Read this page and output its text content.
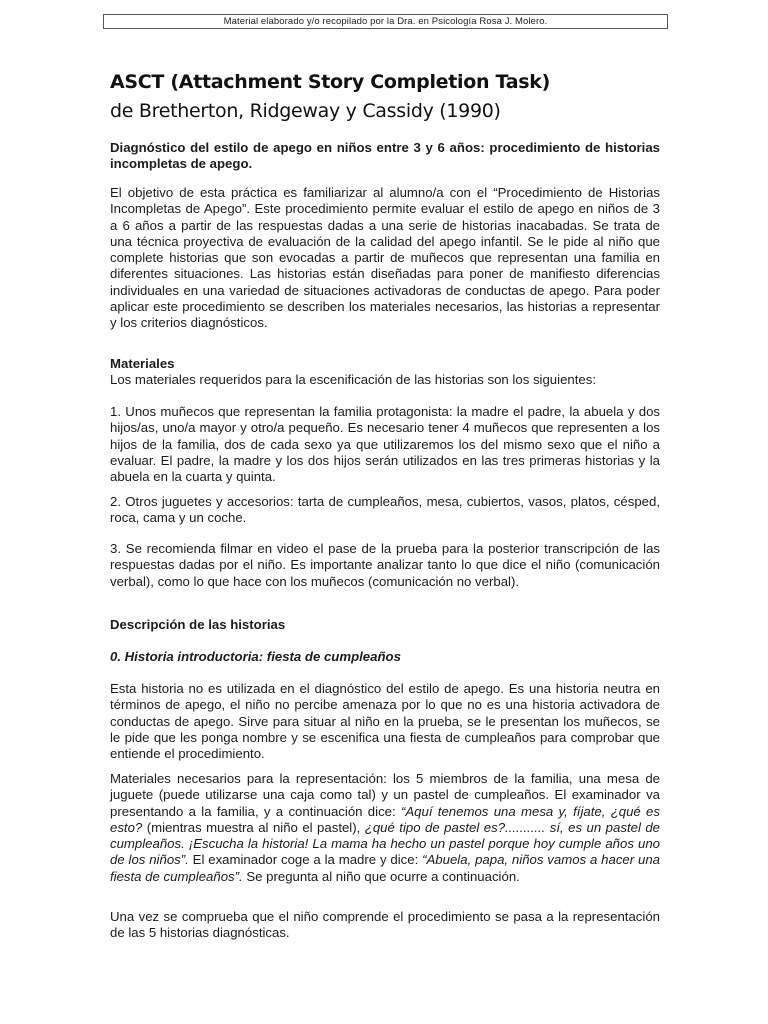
Material elaborado y/o recopilado por la Dra. en Psicología Rosa J. Molero.
ASCT (Attachment Story Completion Task)
de Bretherton, Ridgeway y Cassidy (1990)
Diagnóstico del estilo de apego en niños entre 3 y 6 años: procedimiento de historias incompletas de apego.
El objetivo de esta práctica es familiarizar al alumno/a con el “Procedimiento de Historias Incompletas de Apego”. Este procedimiento permite evaluar el estilo de apego en niños de 3 a 6 años a partir de las respuestas dadas a una serie de historias inacabadas. Se trata de una técnica proyectiva de evaluación de la calidad del apego infantil. Se le pide al niño que complete historias que son evocadas a partir de muñecos que representan una familia en diferentes situaciones. Las historias están diseñadas para poner de manifiesto diferencias individuales en una variedad de situaciones activadoras de conductas de apego. Para poder aplicar este procedimiento se describen los materiales necesarios, las historias a representar y los criterios diagnósticos.
Materiales
Los materiales requeridos para la escenificación de las historias son los siguientes:
1. Unos muñecos que representan la familia protagonista: la madre el padre, la abuela y dos hijos/as, uno/a mayor y otro/a pequeño. Es necesario tener 4 muñecos que representen a los hijos de la familia, dos de cada sexo ya que utilizaremos los del mismo sexo que el niño a evaluar. El padre, la madre y los dos hijos serán utilizados en las tres primeras historias y la abuela en la cuarta y quinta.
2. Otros juguetes y accesorios: tarta de cumpleaños, mesa, cubiertos, vasos, platos, césped, roca, cama y un coche.
3. Se recomienda filmar en video el pase de la prueba para la posterior transcripción de las respuestas dadas por el niño. Es importante analizar tanto lo que dice el niño (comunicación verbal), como lo que hace con los muñecos (comunicación no verbal).
Descripción de las historias
0. Historia introductoria: fiesta de cumpleaños
Esta historia no es utilizada en el diagnóstico del estilo de apego. Es una historia neutra en términos de apego, el niño no percibe amenaza por lo que no es una historia activadora de conductas de apego. Sirve para situar al niño en la prueba, se le presentan los muñecos, se le pide que les ponga nombre y se escenifica una fiesta de cumpleaños para comprobar que entiende el procedimiento.
Materiales necesarios para la representación: los 5 miembros de la familia, una mesa de juguete (puede utilizarse una caja como tal) y un pastel de cumpleaños. El examinador va presentando a la familia, y a continuación dice: “Aquí tenemos una mesa y, fíjate, ¿qué es esto? (mientras muestra al niño el pastel), ¿qué tipo de pastel es?........... sí, es un pastel de cumpleaños. ¡Escucha la historia! La mama ha hecho un pastel porque hoy cumple años uno de los niños”. El examinador coge a la madre y dice: “Abuela, papa, niños vamos a hacer una fiesta de cumpleaños”. Se pregunta al niño que ocurre a continuación.
Una vez se comprueba que el niño comprende el procedimiento se pasa a la representación de las 5 historias diagnósticas.
